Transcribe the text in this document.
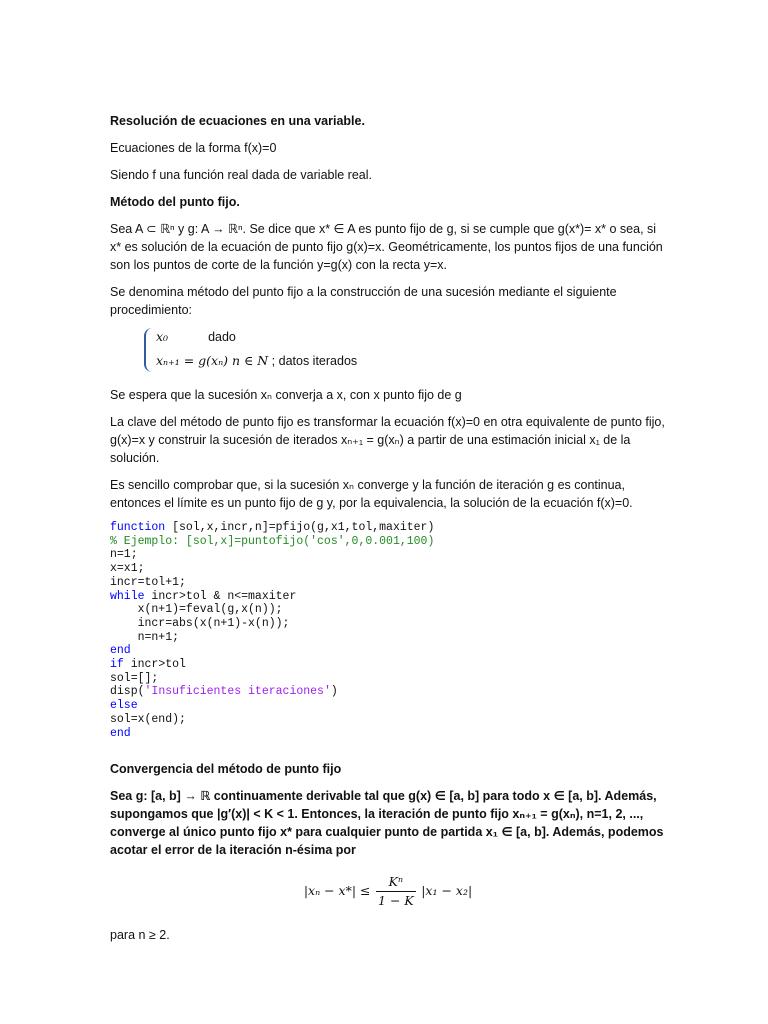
Resolución de ecuaciones en una variable.

Ecuaciones de la forma f(x)=0

Siendo f una función real dada de variable real.

Método del punto fijo.

Sea A ⊂ ℝⁿ y g: A → ℝⁿ. Se dice que x* ∈ A es punto fijo de g, si se cumple que g(x*)= x* o sea, si x* es solución de la ecuación de punto fijo g(x)=x. Geométricamente, los puntos fijos de una función son los puntos de corte de la función y=g(x) con la recta y=x.

Se denomina método del punto fijo a la construcción de una sucesión mediante el siguiente procedimiento:

x₀	dado
xₙ₊₁ = g(xₙ) n ∈ N ; datos iterados

Se espera que la sucesión xₙ converja a x, con x punto fijo de g

La clave del método de punto fijo es transformar la ecuación f(x)=0 en otra equivalente de punto fijo, g(x)=x y construir la sucesión de iterados xₙ₊₁ = g(xₙ) a partir de una estimación inicial x₁ de la solución.

Es sencillo comprobar que, si la sucesión xₙ converge y la función de iteración g es continua, entonces el límite es un punto fijo de g y, por la equivalencia, la solución de la ecuación f(x)=0.

function [sol,x,incr,n]=pfijo(g,x1,tol,maxiter)
% Ejemplo: [sol,x]=puntofijo('cos',0,0.001,100)
n=1;
x=x1;
incr=tol+1;
while incr>tol & n<=maxiter
x(n+1)=feval(g,x(n));
incr=abs(x(n+1)-x(n));
n=n+1;
end
if incr>tol
sol=[];
disp('Insuficientes iteraciones')
else
sol=x(end);
end

Convergencia del método de punto fijo

Sea g: [a, b] → ℝ continuamente derivable tal que g(x) ∈ [a, b] para todo x ∈ [a, b]. Además, supongamos que |g′(x)| < K < 1. Entonces, la iteración de punto fijo xₙ₊₁ = g(xₙ), n=1, 2, ..., converge al único punto fijo x* para cualquier punto de partida x₁ ∈ [a, b]. Además, podemos acotar el error de la iteración n-ésima por

$|x_n - x*| \le \frac{\text{Kⁿ}}{1 - K} |x_1 - x_2|$

para n ≥ 2.
